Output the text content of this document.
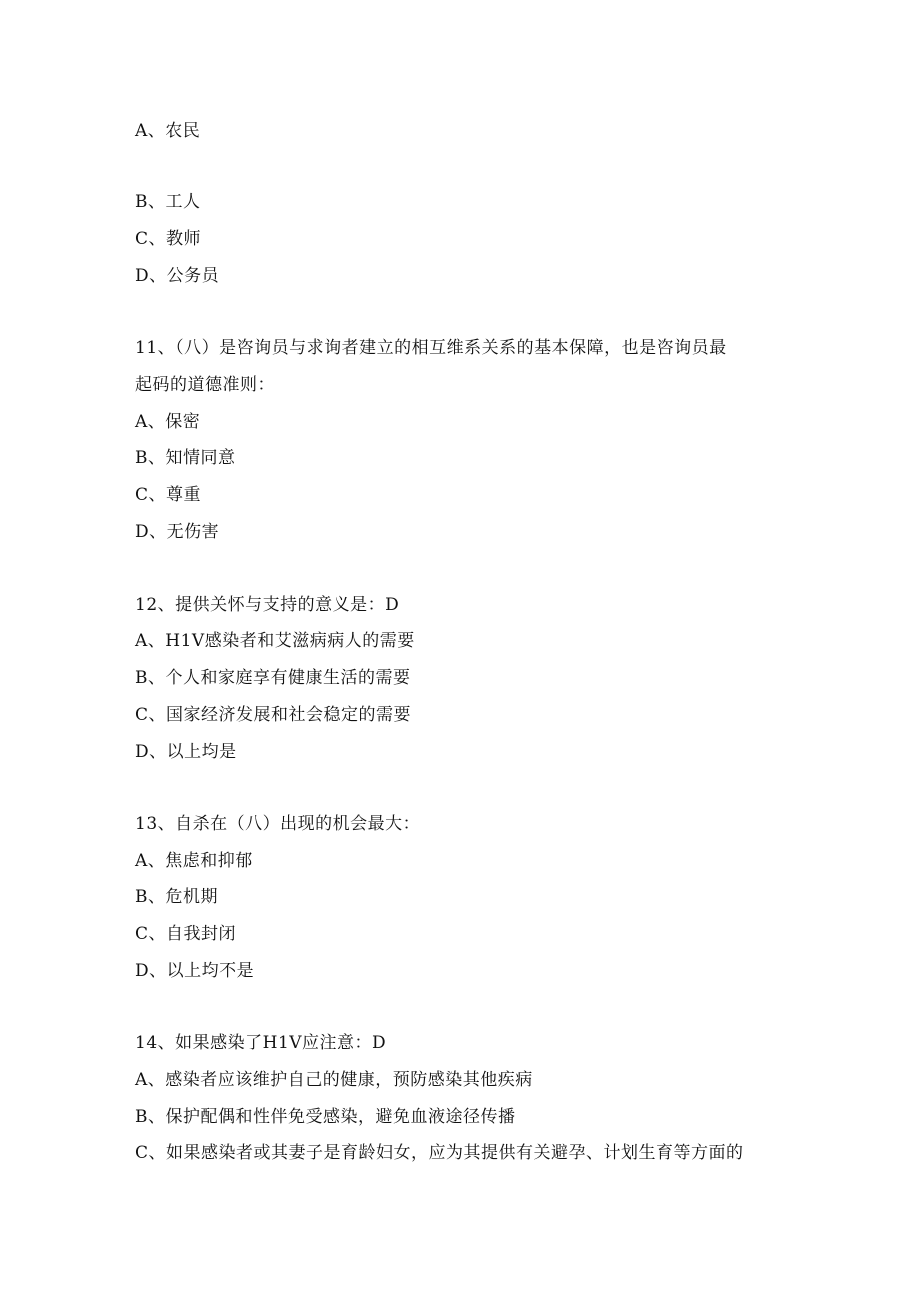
A、农民
B、工人
C、教师
D、公务员
11、（八）是咨询员与求询者建立的相互维系关系的基本保障，也是咨询员最
起码的道德准则：
A、保密
B、知情同意
C、尊重
D、无伤害
12、提供关怀与支持的意义是：D
A、H1V感染者和艾滋病病人的需要
B、个人和家庭享有健康生活的需要
C、国家经济发展和社会稳定的需要
D、以上均是
13、自杀在（八）出现的机会最大：
A、焦虑和抑郁
B、危机期
C、自我封闭
D、以上均不是
14、如果感染了H1V应注意：D
A、感染者应该维护自己的健康，预防感染其他疾病
B、保护配偶和性伴免受感染，避免血液途径传播
C、如果感染者或其妻子是育龄妇女，应为其提供有关避孕、计划生育等方面的
